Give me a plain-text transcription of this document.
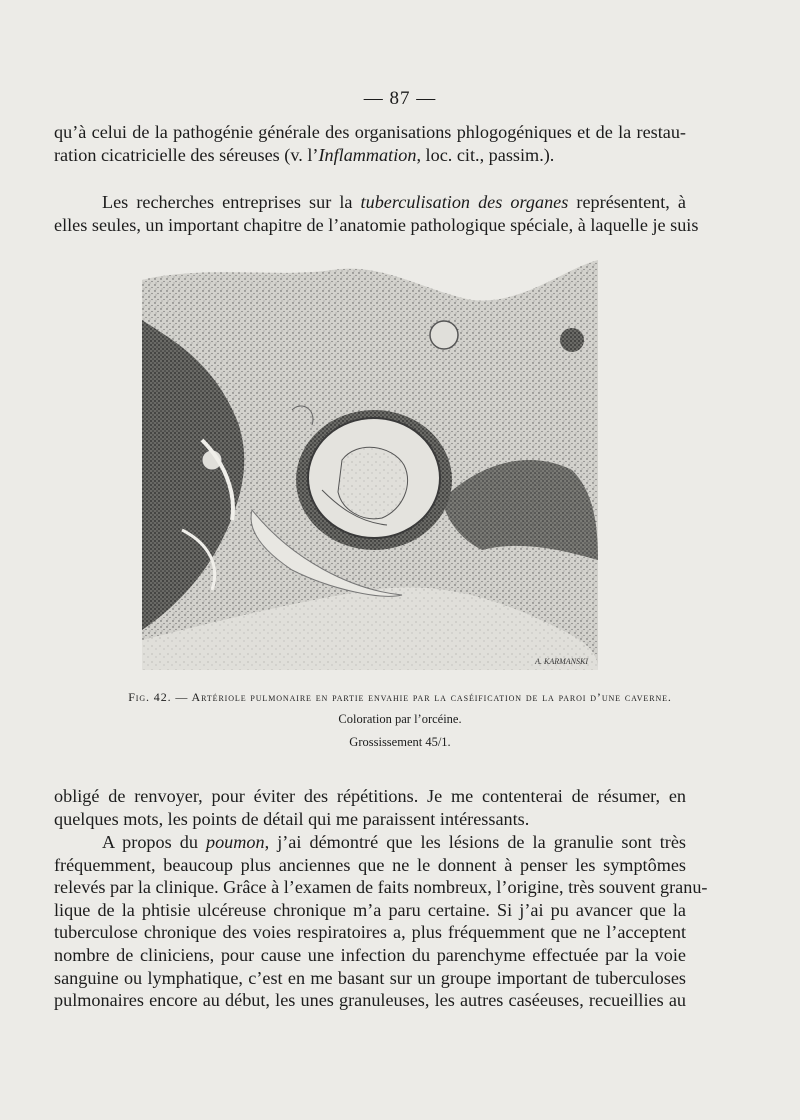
— 87 —

qu’à celui de la pathogénie générale des organisations phlogogéniques et de la restau-
ration cicatricielle des séreuses (v. l’Inflammation, loc. cit., passim.).

Les recherches entreprises sur la tuberculisation des organes représentent, à
elles seules, un important chapitre de l’anatomie pathologique spéciale, à laquelle je suis

A. KARMANSKI
Fig. 42. — Artériole pulmonaire en partie envahie par la caséification de la paroi d’une caverne.
Coloration par l’orcéine.
Grossissement 45/1.

obligé de renvoyer, pour éviter des répétitions. Je me contenterai de résumer, en
quelques mots, les points de détail qui me paraissent intéressants.

A propos du poumon, j’ai démontré que les lésions de la granulie sont très
fréquemment, beaucoup plus anciennes que ne le donnent à penser les symptômes
relevés par la clinique. Grâce à l’examen de faits nombreux, l’origine, très souvent granu-
lique de la phtisie ulcéreuse chronique m’a paru certaine. Si j’ai pu avancer que la
tuberculose chronique des voies respiratoires a, plus fréquemment que ne l’acceptent
nombre de cliniciens, pour cause une infection du parenchyme effectuée par la voie
sanguine ou lymphatique, c’est en me basant sur un groupe important de tuberculoses
pulmonaires encore au début, les unes granuleuses, les autres caséeuses, recueillies au
